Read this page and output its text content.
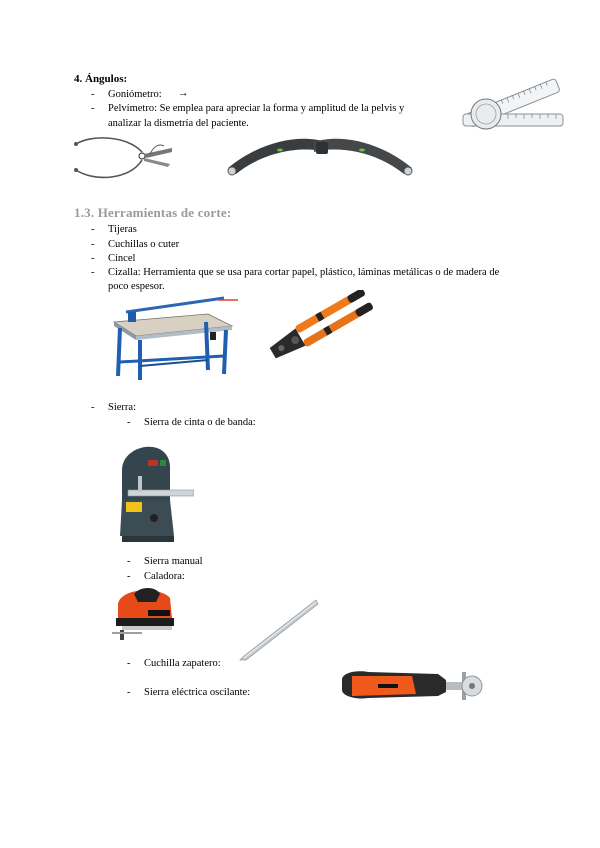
4. Ángulos:
- Goniómetro: →
- Pelvímetro: Se emplea para apreciar la forma y amplitud de la pelvis y
analizar la dismetría del paciente.
1.3. Herramientas de corte:
- Tijeras
- Cuchillas o cuter
- Cincel
- Cizalla: Herramienta que se usa para cortar papel, plástico, láminas metálicas o de madera de
poco espesor.
- Sierra:
- Sierra de cinta o de banda:
- Sierra manual
- Caladora:
- Cuchilla zapatero:
- Sierra eléctrica oscilante:
